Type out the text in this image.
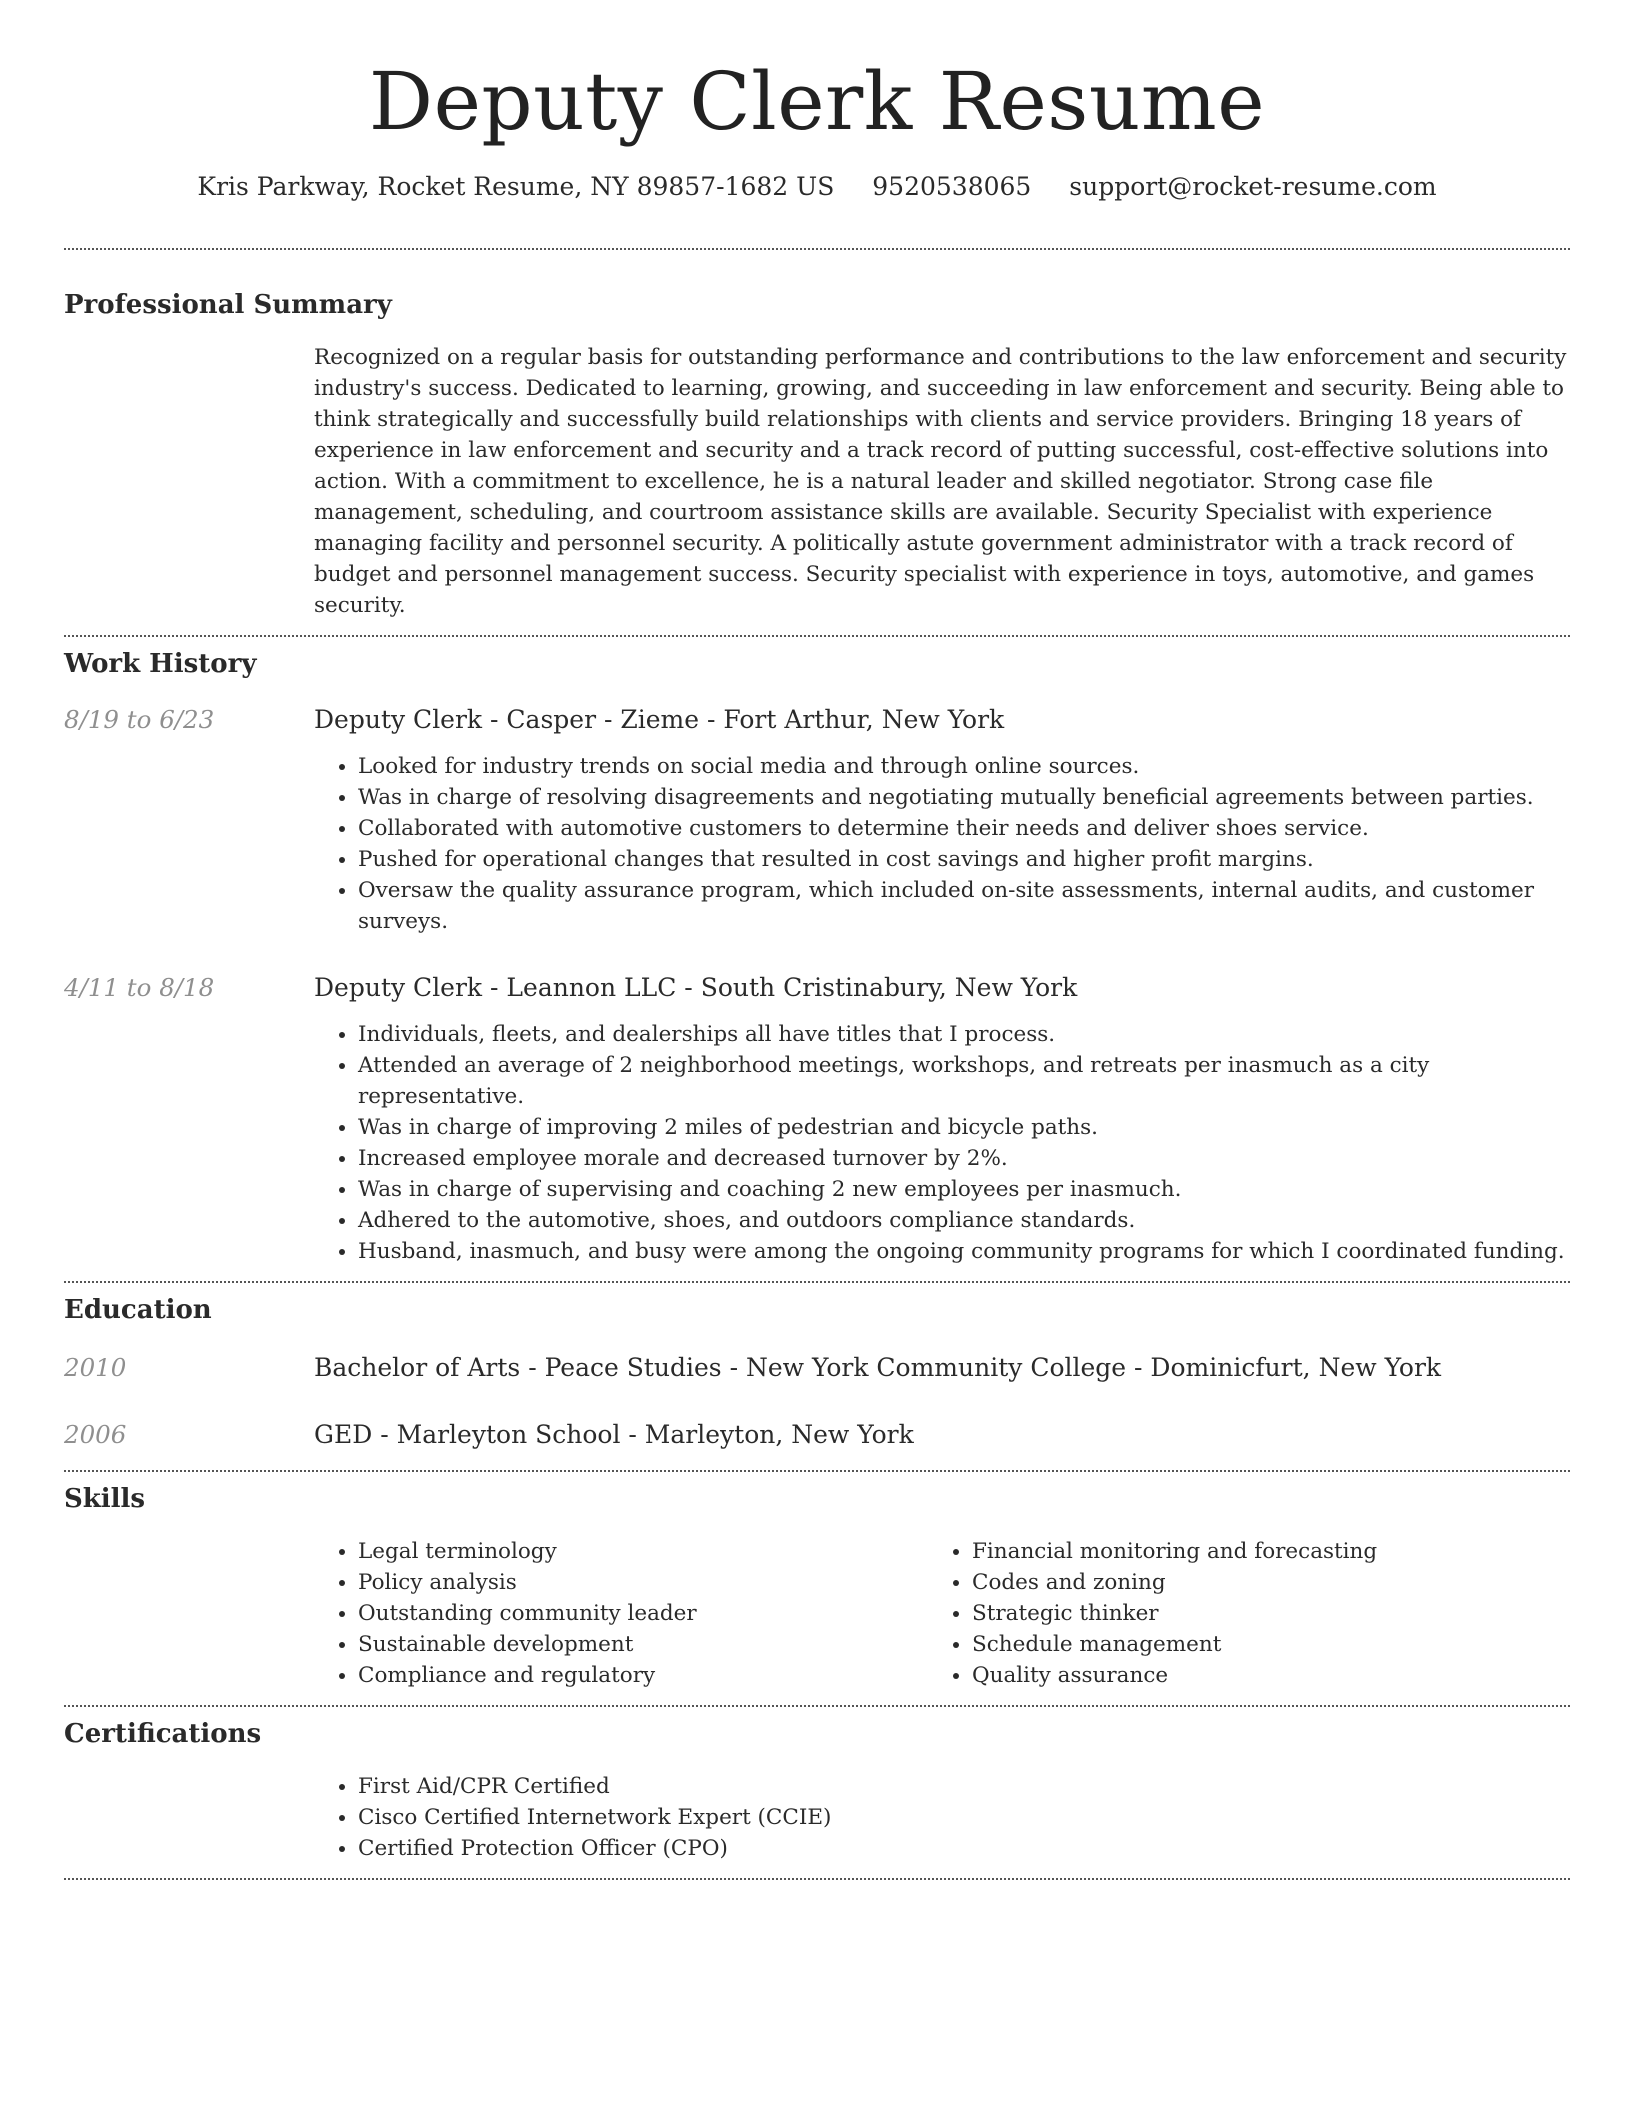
Deputy Clerk Resume
Kris Parkway, Rocket Resume, NY 89857-1682 US 9520538065 support@rocket-resume.com
Professional Summary

Recognized on a regular basis for outstanding performance and contributions to the law enforcement and security industry's success. Dedicated to learning, growing, and succeeding in law enforcement and security. Being able to think strategically and successfully build relationships with clients and service providers. Bringing 18 years of experience in law enforcement and security and a track record of putting successful, cost-effective solutions into action. With a commitment to excellence, he is a natural leader and skilled negotiator. Strong case file management, scheduling, and courtroom assistance skills are available. Security Specialist with experience managing facility and personnel security. A politically astute government administrator with a track record of budget and personnel management success. Security specialist with experience in toys, automotive, and games security.

Work History
8/19 to 6/23	Deputy Clerk - Casper - Zieme - Fort Arthur, New York
• Looked for industry trends on social media and through online sources.
• Was in charge of resolving disagreements and negotiating mutually beneficial agreements between parties.
• Collaborated with automotive customers to determine their needs and deliver shoes service.
• Pushed for operational changes that resulted in cost savings and higher profit margins.
• Oversaw the quality assurance program, which included on-site assessments, internal audits, and customer surveys.
4/11 to 8/18	Deputy Clerk - Leannon LLC - South Cristinabury, New York
• Individuals, fleets, and dealerships all have titles that I process.
• Attended an average of 2 neighborhood meetings, workshops, and retreats per inasmuch as a city representative.
• Was in charge of improving 2 miles of pedestrian and bicycle paths.
• Increased employee morale and decreased turnover by 2%.
• Was in charge of supervising and coaching 2 new employees per inasmuch.
• Adhered to the automotive, shoes, and outdoors compliance standards.
• Husband, inasmuch, and busy were among the ongoing community programs for which I coordinated funding.
Education
2010	Bachelor of Arts - Peace Studies - New York Community College - Dominicfurt, New York
2006	GED - Marleyton School - Marleyton, New York
Skills
• Legal terminology
• Policy analysis
• Outstanding community leader
• Sustainable development
• Compliance and regulatory
• Financial monitoring and forecasting
• Codes and zoning
• Strategic thinker
• Schedule management
• Quality assurance
Certifications
• First Aid/CPR Certified
• Cisco Certified Internetwork Expert (CCIE)
• Certified Protection Officer (CPO)
